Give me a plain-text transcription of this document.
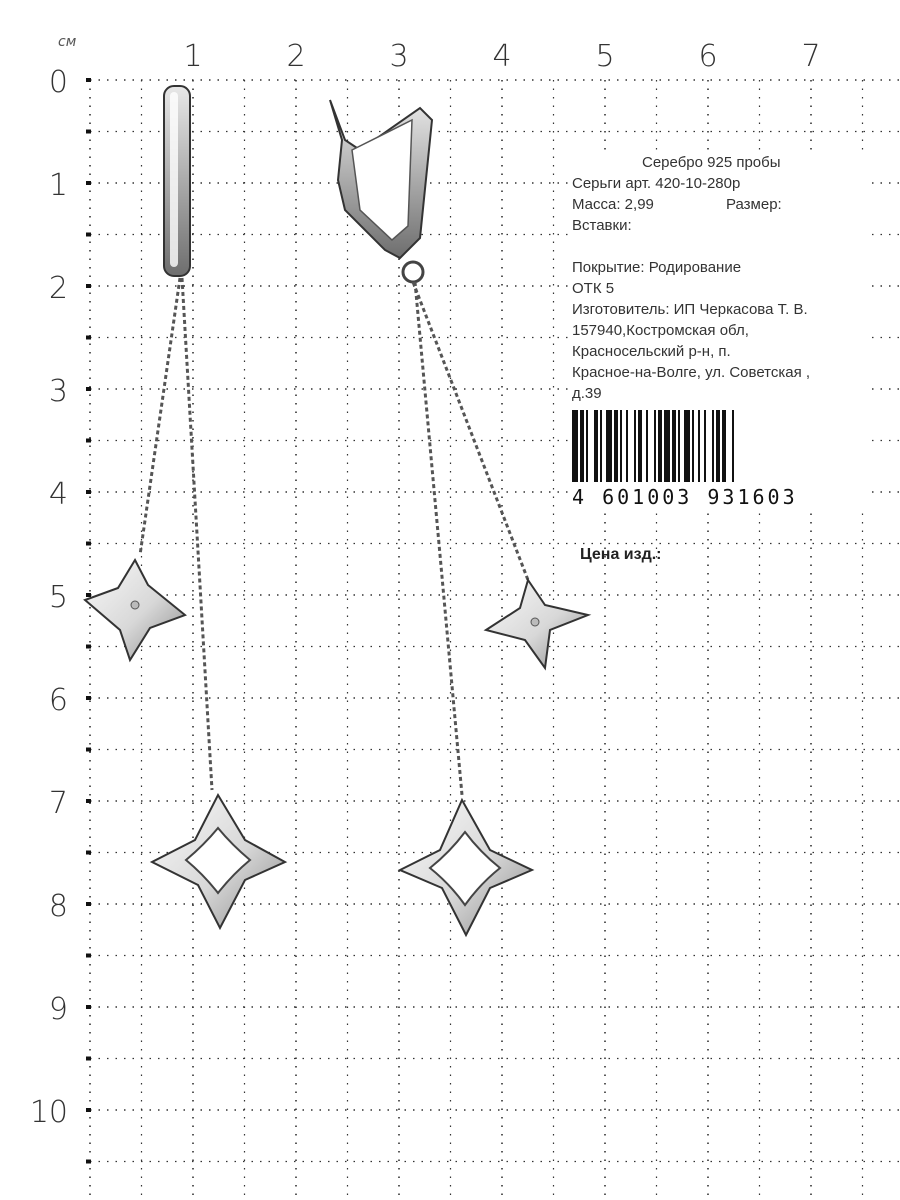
см	1	2	3	4	5	6	7
0
1
2
3
4
5
6
7
8
9
10
Серебро 925 пробы
Серьги арт. 420-10-280р
Масса: 2,99	Размер:
Вставки:
Покрытие: Родирование
ОТК 5
Изготовитель: ИП Черкасова Т. В.
157940,Костромская обл,
Красносельский р-н, п.
Красное-на-Волге, ул. Советская ,
д.39
4 601003 931603
Цена изд.:
